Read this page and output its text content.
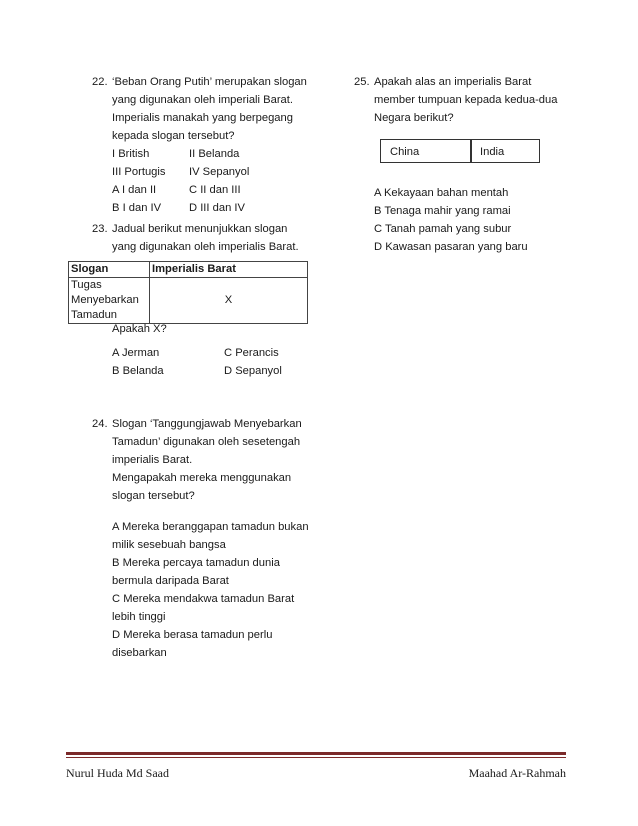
22. ‘Beban Orang Putih’ merupakan slogan
yang digunakan oleh imperiali Barat.
Imperialis manakah yang berpegang
kepada slogan tersebut?
I British	II Belanda
III Portugis IV Sepanyol
A I dan II	C II dan III
B I dan IV D III dan IV
23. Jadual berikut menunjukkan slogan
yang digunakan oleh imperialis Barat.
Slogan	Imperialis Barat

Tugas
Menyebarkan
Tamadun	X
Apakah X?
A Jerman	C Perancis
B Belanda	D Sepanyol
24. Slogan ‘Tanggungjawab Menyebarkan
Tamadun’ digunakan oleh sesetengah
imperialis Barat.
Mengapakah mereka menggunakan
slogan tersebut?
A Mereka beranggapan tamadun bukan
milik sesebuah bangsa
B Mereka percaya tamadun dunia
bermula daripada Barat
C Mereka mendakwa tamadun Barat
lebih tinggi
D Mereka berasa tamadun perlu
disebarkan
25. Apakah alas an imperialis Barat
member tumpuan kepada kedua-dua
Negara berikut?
China	India
A Kekayaan bahan mentah
B Tenaga mahir yang ramai
C Tanah pamah yang subur
D Kawasan pasaran yang baru
Nurul Huda Md Saad	Maahad Ar-Rahmah
